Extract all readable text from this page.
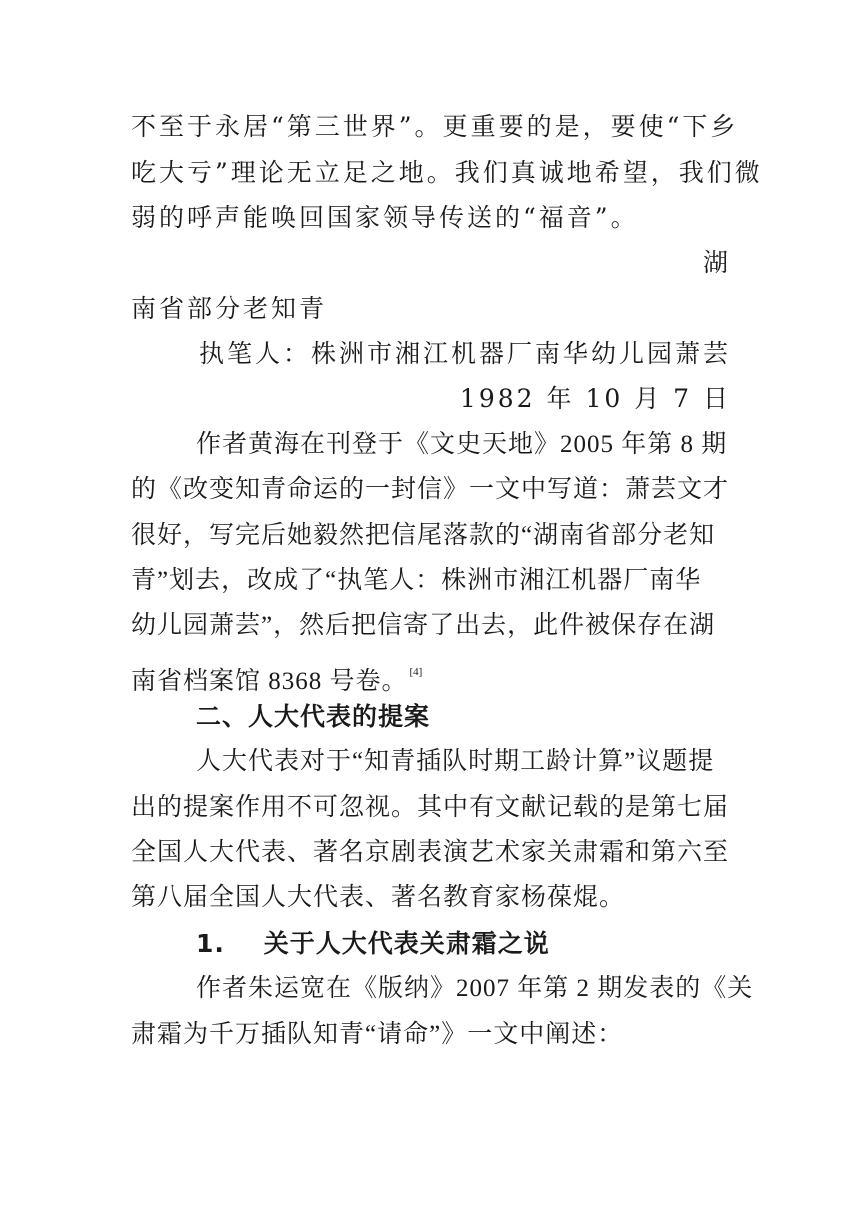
不至于永居“第三世界”。更重要的是，要使“下乡
吃大亏”理论无立足之地。我们真诚地希望，我们微
弱的呼声能唤回国家领导传送的“福音”。
湖
南省部分老知青
执笔人：株洲市湘江机器厂南华幼儿园萧芸
1982 年 10 月 7 日
作者黄海在刊登于《文史天地》2005 年第 8 期
的《改变知青命运的一封信》一文中写道：萧芸文才
很好，写完后她毅然把信尾落款的“湖南省部分老知
青”划去，改成了“执笔人：株洲市湘江机器厂南华
幼儿园萧芸”，然后把信寄了出去，此件被保存在湖
南省档案馆 8368 号卷。 [4]
二、人大代表的提案
人大代表对于“知青插队时期工龄计算”议题提
出的提案作用不可忽视。其中有文献记载的是第七届
全国人大代表、著名京剧表演艺术家关肃霜和第六至
第八届全国人大代表、著名教育家杨葆焜。
1.    关于人大代表关肃霜之说
作者朱运宽在《版纳》2007 年第 2 期发表的《关
肃霜为千万插队知青“请命”》一文中阐述：
